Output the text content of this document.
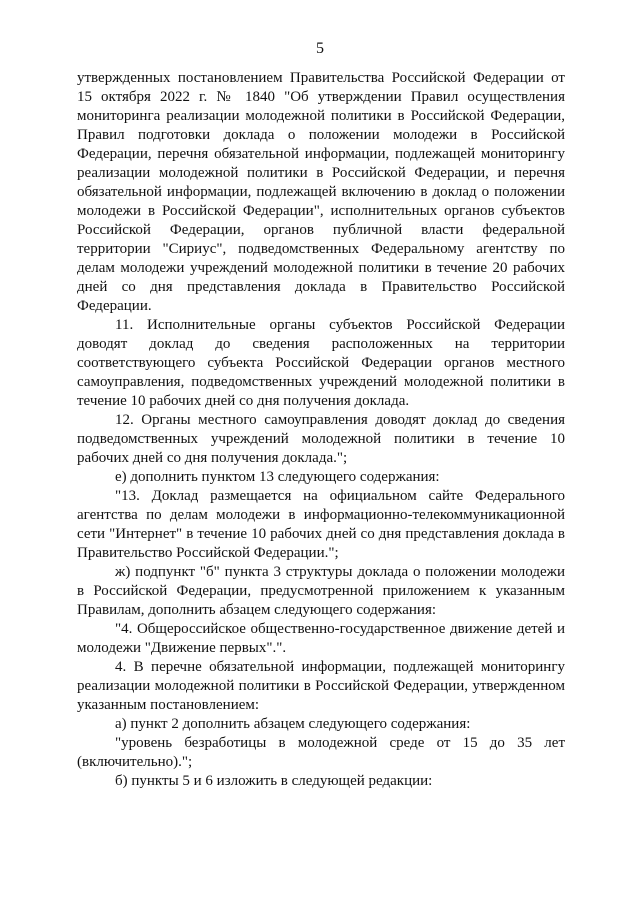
5

утвержденных постановлением Правительства Российской Федерации от 15 октября 2022 г. № 1840 "Об утверждении Правил осуществления мониторинга реализации молодежной политики в Российской Федерации, Правил подготовки доклада о положении молодежи в Российской Федерации, перечня обязательной информации, подлежащей мониторингу реализации молодежной политики в Российской Федерации, и перечня обязательной информации, подлежащей включению в доклад о положении молодежи в Российской Федерации", исполнительных органов субъектов Российской Федерации, органов публичной власти федеральной территории "Сириус", подведомственных Федеральному агентству по делам молодежи учреждений молодежной политики в течение 20 рабочих дней со дня представления доклада в Правительство Российской Федерации.

11. Исполнительные органы субъектов Российской Федерации доводят доклад до сведения расположенных на территории соответствующего субъекта Российской Федерации органов местного самоуправления, подведомственных учреждений молодежной политики в течение 10 рабочих дней со дня получения доклада.

12. Органы местного самоуправления доводят доклад до сведения подведомственных учреждений молодежной политики в течение 10 рабочих дней со дня получения доклада.";

е) дополнить пунктом 13 следующего содержания:

"13. Доклад размещается на официальном сайте Федерального агентства по делам молодежи в информационно-телекоммуникационной сети "Интернет" в течение 10 рабочих дней со дня представления доклада в Правительство Российской Федерации.";

ж) подпункт "б" пункта 3 структуры доклада о положении молодежи в Российской Федерации, предусмотренной приложением к указанным Правилам, дополнить абзацем следующего содержания:

"4. Общероссийское общественно-государственное движение детей и молодежи "Движение первых".".

4. В перечне обязательной информации, подлежащей мониторингу реализации молодежной политики в Российской Федерации, утвержденном указанным постановлением:

а) пункт 2 дополнить абзацем следующего содержания:

"уровень безработицы в молодежной среде от 15 до 35 лет (включительно).";

б) пункты 5 и 6 изложить в следующей редакции:
